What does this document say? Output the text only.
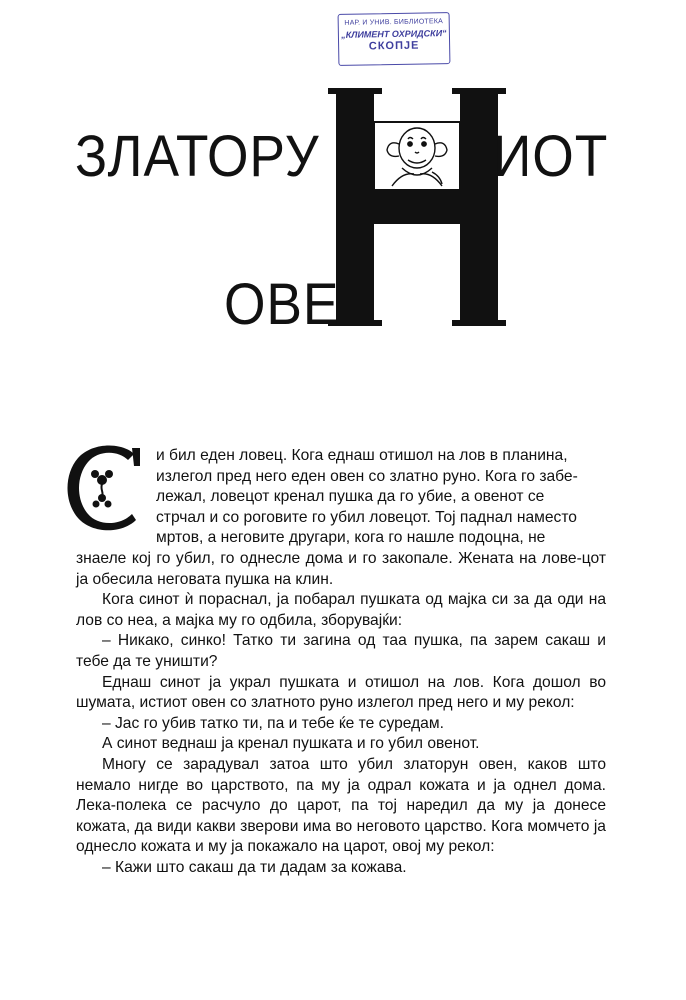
НАР. И УНИВ. БИБЛИОТЕКА
„КЛИМЕНТ ОХРИДСКИ“
СКОПЈЕ
ЗЛАТОРУ	ИОТ
ОВЕ

и бил еден ловец. Кога еднаш отишол на лов в планина,

излегол пред него еден овен со златно руно. Кога го забе-

лежал, ловецот кренал пушка да го убие, а овенот се

стрчал и со роговите го убил ловецот. Тој паднал наместо

мртов, а неговите другари, кога го нашле подоцна, не

знаеле кој го убил, го однесле дома и го закопале. Жената на лове-цот ја обесила неговата пушка на клин.

Кога синот ѝ пораснал, ја побарал пушката од мајка си за да оди на лов со неа, а мајка му го одбила, зборувајќи:

– Никако, синко! Татко ти загина од таа пушка, па зарем сакаш и тебе да те уништи?

Еднаш синот ја украл пушката и отишол на лов. Кога дошол во шумата, истиот овен со златното руно излегол пред него и му рекол:

– Јас го убив татко ти, па и тебе ќе те суредам.

А синот веднаш ја кренал пушката и го убил овенот.

Многу се зарадувал затоа што убил златорун овен, каков што немало нигде во царството, па му ја одрал кожата и ја однел дома. Лека-полека се расчуло до царот, па тој наредил да му ја донесе кожата, да види какви зверови има во неговото царство. Кога момчето ја однесло кожата и му ја покажало на царот, овој му рекол:

– Кажи што сакаш да ти дадам за кожава.
